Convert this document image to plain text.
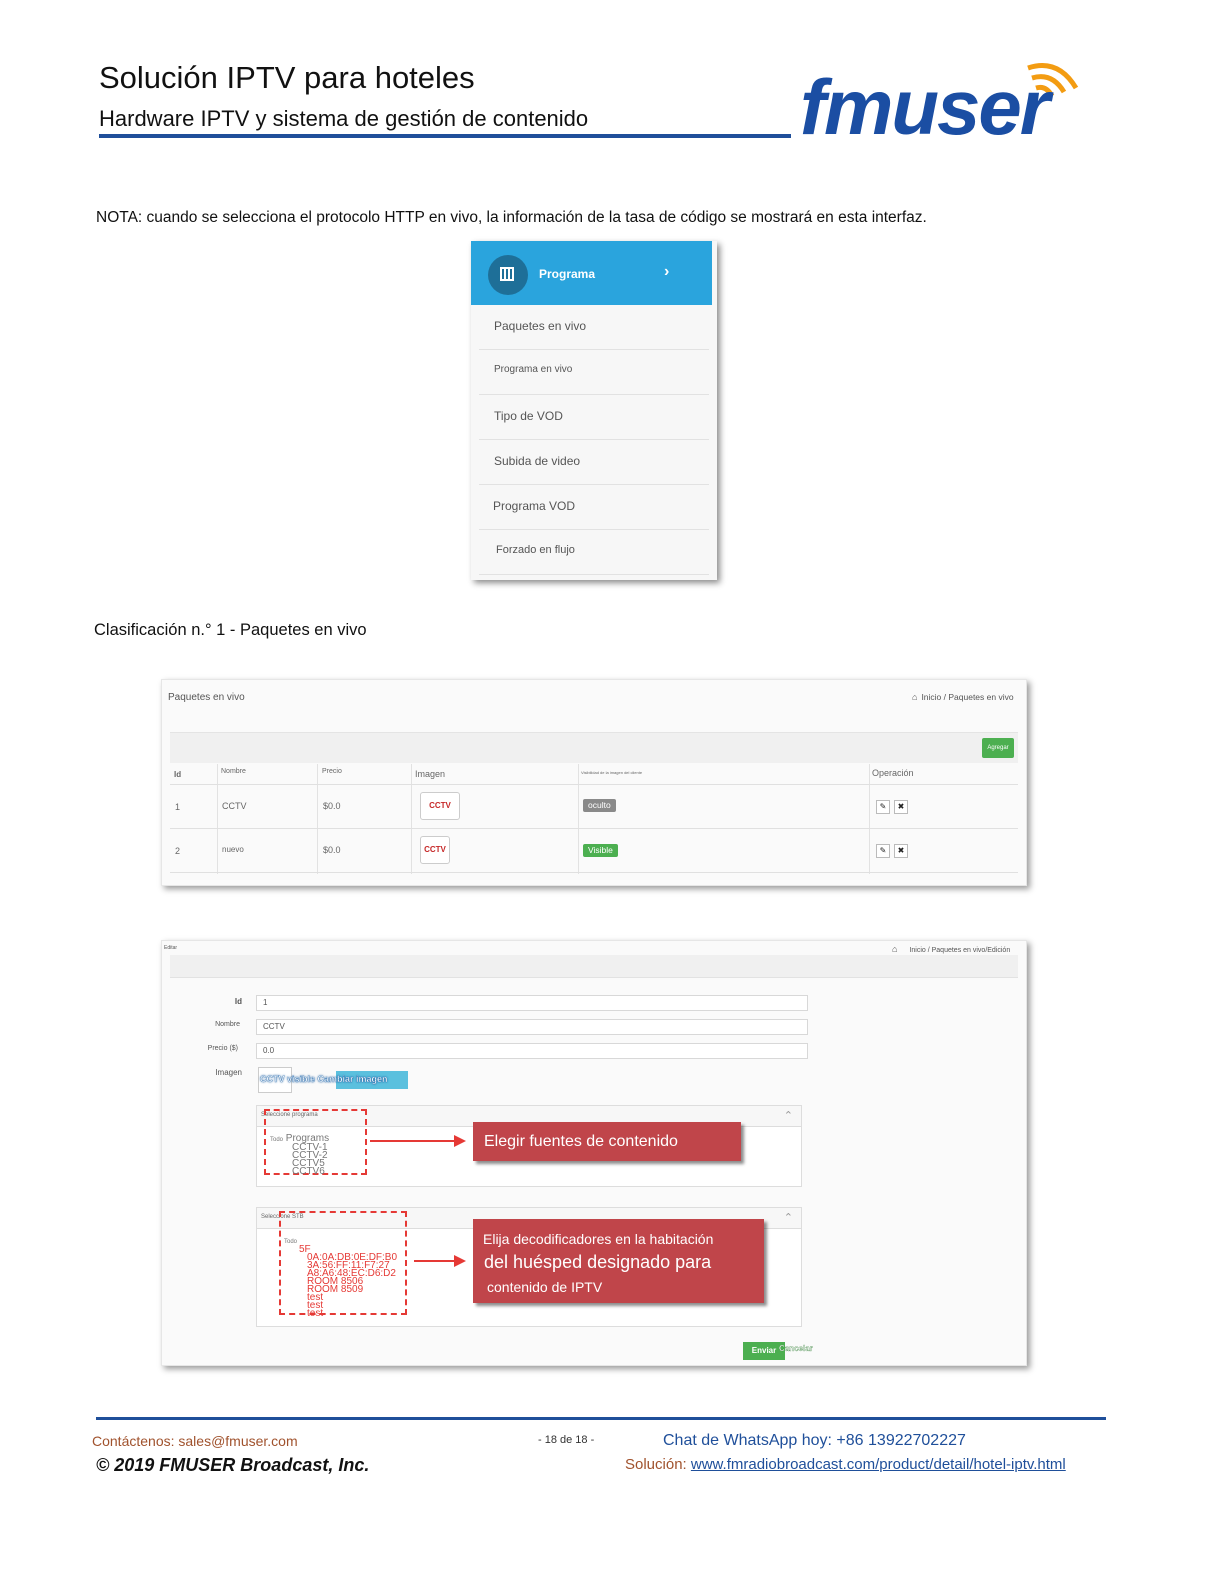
Solución IPTV para hoteles
Hardware IPTV y sistema de gestión de contenido	fmuser
NOTA: cuando se selecciona el protocolo HTTP en vivo, la información de la tasa de código se mostrará en esta interfaz.
Programa	›
Paquetes en vivo
Programa en vivo
Tipo de VOD
Subida de video
Programa VOD
Forzado en flujo
Clasificación n.° 1 - Paquetes en vivo
Paquetes en vivo	⌂ Inicio / Paquetes en vivo
Agregar
Id	Nombre	Precio	Imagen	Visibilidad de la imagen del cliente	Operación
1	CCTV	$0.0	CCTV	oculto	✎	✖
2	nuevo	$0.0	CCTV	Visible	✎	✖
Editar	⌂ Inicio / Paquetes en vivo/Edición
Id	1
Nombre	CCTV
Precio ($)	0.0
Imagen
CCTV visible Cambiar imagen
Seleccione programa	⌃
Todo Programs
CCTV-1
CCTV-2
CCTV5
CCTV6
Elegir fuentes de contenido
Seleccione STB	⌃
Todo
5F
0A:0A:DB:0E:DF:B0
3A:56:FF:11:F7:27
A8:A6:48:EC:D6:D2
ROOM 8506
ROOM 8509
test
test
test
Elija decodificadores en la habitación
del huésped designado para
contenido de IPTV
Enviar Cancelar
Contáctenos: sales@fmuser.com
© 2019 FMUSER Broadcast, Inc.
- 18 de 18 -	Chat de WhatsApp hoy: +86 13922702227
Solución: www.fmradiobroadcast.com/product/detail/hotel-iptv.html
